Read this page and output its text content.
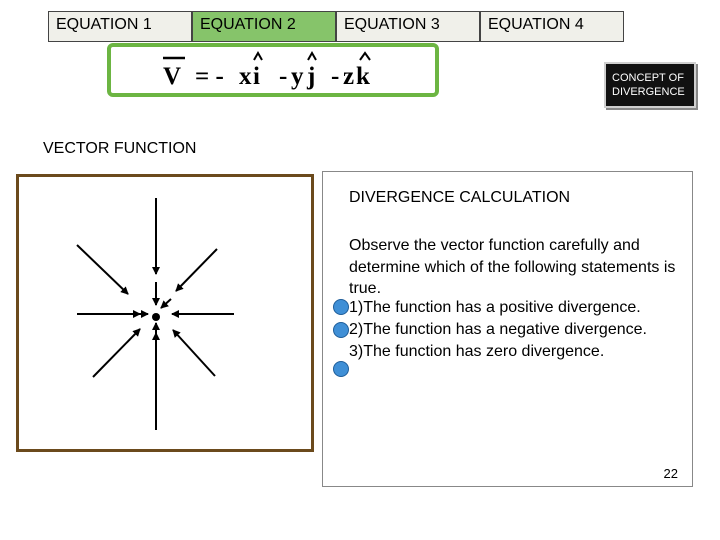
EQUATION 1	EQUATION 2	EQUATION 3	EQUATION 4
V = - x i - y j - z k	CONCEPT OF
DIVERGENCE
VECTOR FUNCTION
DIVERGENCE CALCULATION
Observe the vector function carefully and determine which of the following statements is true.
1)The function has a positive divergence.
2)The function has a negative divergence.
3)The function has zero divergence.
22
